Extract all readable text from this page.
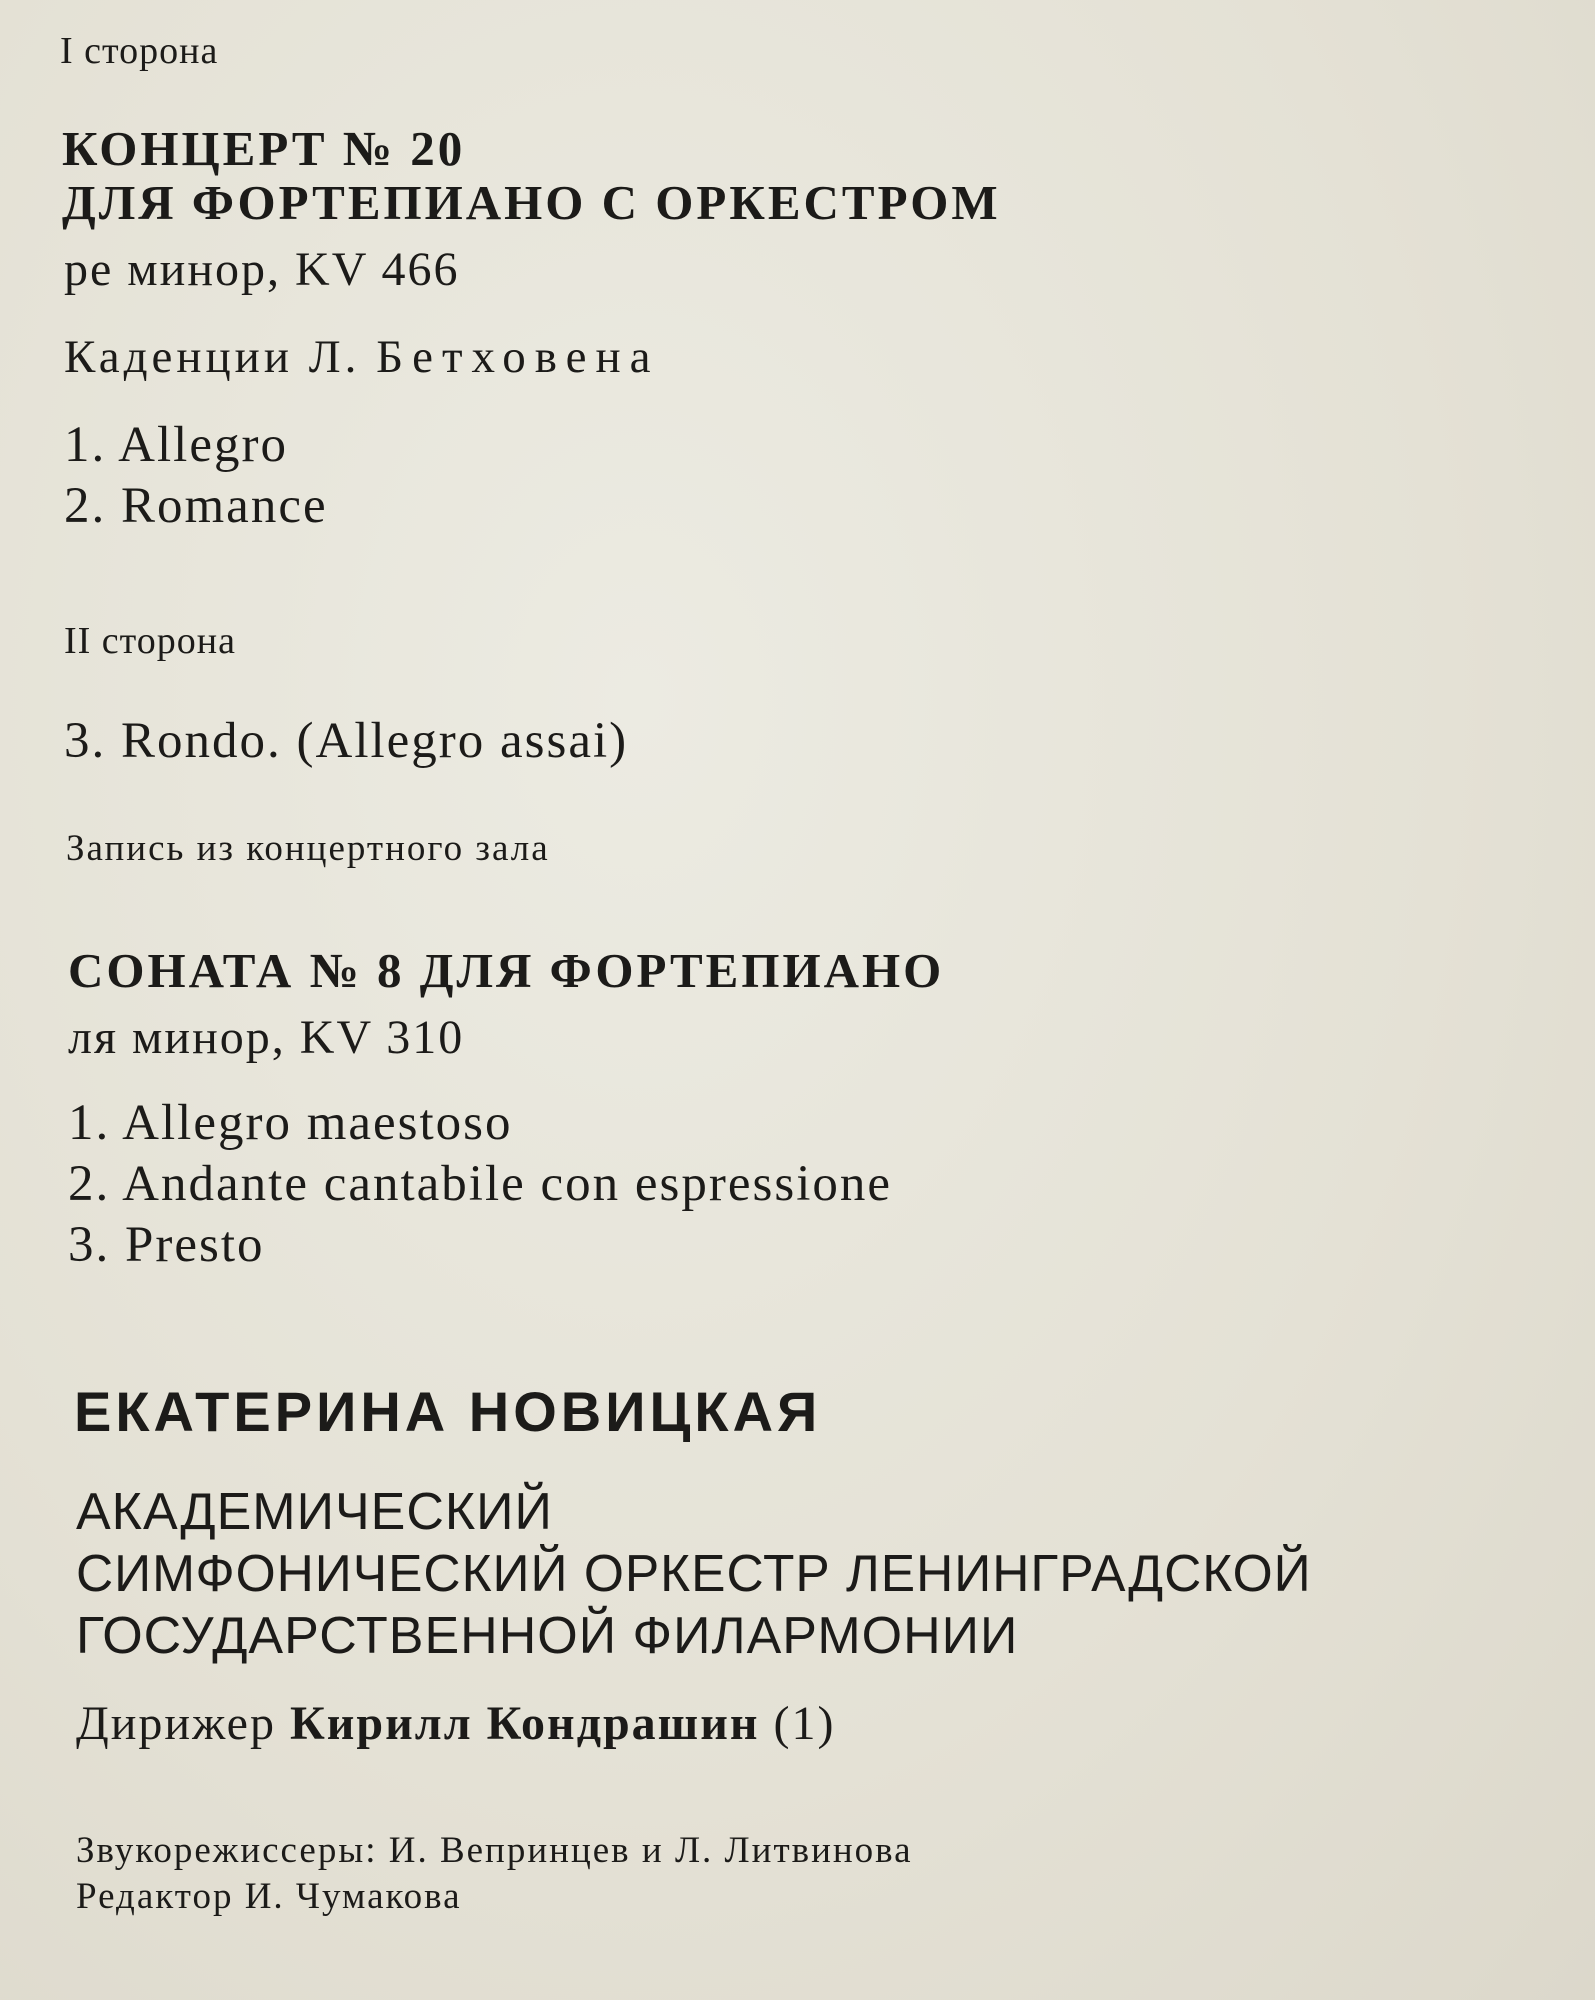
I сторона

КОНЦЕРТ № 20

ДЛЯ ФОРТЕПИАНО С ОРКЕСТРОМ

ре минор, KV 466

Каденции Л. Бетховена

1. Allegro

2. Romance

II сторона

3. Rondo. (Allegro assai)

Запись из концертного зала

СОНАТА № 8 ДЛЯ ФОРТЕПИАНО

ля минор, KV 310

1. Allegro maestoso

2. Andante cantabile con espressione

3. Presto

ЕКАТЕРИНА НОВИЦКАЯ

АКАДЕМИЧЕСКИЙ

СИМФОНИЧЕСКИЙ ОРКЕСТР ЛЕНИНГРАДСКОЙ

ГОСУДАРСТВЕННОЙ ФИЛАРМОНИИ

Дирижер Кирилл Кондрашин (1)

Звукорежиссеры: И. Вепринцев и Л. Литвинова

Редактор И. Чумакова
